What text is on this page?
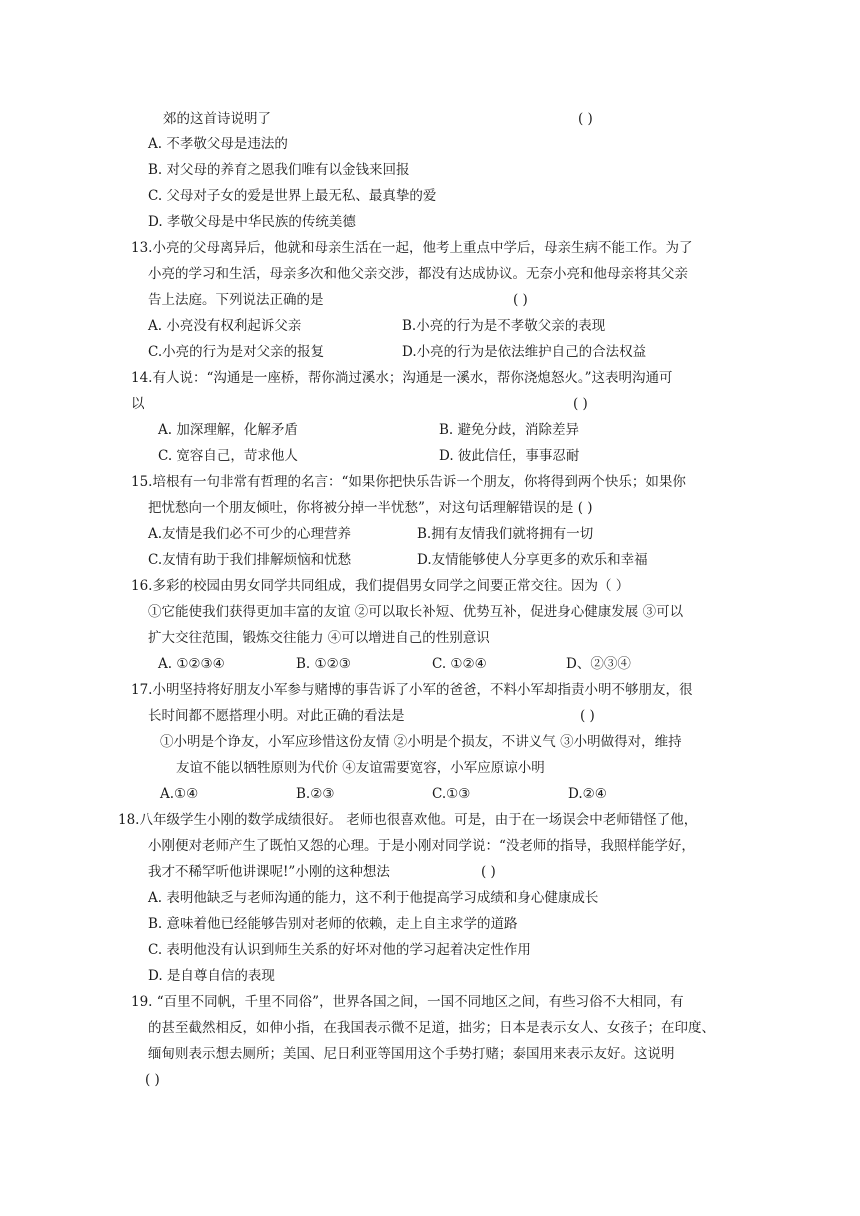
郊的这首诗说明了	( )
A. 不孝敬父母是违法的
B. 对父母的养育之恩我们唯有以金钱来回报
C. 父母对子女的爱是世界上最无私、最真挚的爱
D. 孝敬父母是中华民族的传统美德
13.小亮的父母离异后，他就和母亲生活在一起，他考上重点中学后，母亲生病不能工作。为了
小亮的学习和生活，母亲多次和他父亲交涉，都没有达成协议。无奈小亮和他母亲将其父亲
告上法庭。下列说法正确的是	( )
A. 小亮没有权利起诉父亲	B.小亮的行为是不孝敬父亲的表现
C.小亮的行为是对父亲的报复	D.小亮的行为是依法维护自己的合法权益
14.有人说：“沟通是一座桥，帮你淌过溪水；沟通是一溪水，帮你浇熄怒火。”这表明沟通可
以	( )
A. 加深理解，化解矛盾	B. 避免分歧，消除差异
C. 宽容自己，苛求他人	D. 彼此信任，事事忍耐
15.培根有一句非常有哲理的名言：“如果你把快乐告诉一个朋友，你将得到两个快乐；如果你
把忧愁向一个朋友倾吐，你将被分掉一半忧愁”，对这句话理解错误的是 ( )
A.友情是我们必不可少的心理营养	B.拥有友情我们就将拥有一切
C.友情有助于我们排解烦恼和忧愁	D.友情能够使人分享更多的欢乐和幸福
16.多彩的校园由男女同学共同组成，我们提倡男女同学之间要正常交往。因为（ ）
①它能使我们获得更加丰富的友谊 ②可以取长补短、优势互补，促进身心健康发展 ③可以
扩大交往范围，锻炼交往能力 ④可以增进自己的性别意识
A. ①②③④	B. ①②③	C. ①②④	D、②③④
17.小明坚持将好朋友小军参与赌博的事告诉了小军的爸爸，不料小军却指责小明不够朋友，很
长时间都不愿搭理小明。对此正确的看法是	( )
①小明是个诤友，小军应珍惜这份友情 ②小明是个损友，不讲义气 ③小明做得对，维持
友谊不能以牺牲原则为代价 ④友谊需要宽容，小军应原谅小明
A.①④	B.②③	C.①③	D.②④
18.八年级学生小刚的数学成绩很好。 老师也很喜欢他。可是，由于在一场误会中老师错怪了他，
小刚便对老师产生了既怕又怨的心理。于是小刚对同学说：“没老师的指导，我照样能学好，
我才不稀罕听他讲课呢!”小刚的这种想法	( )
A. 表明他缺乏与老师沟通的能力，这不利于他提高学习成绩和身心健康成长
B. 意味着他已经能够告别对老师的依赖，走上自主求学的道路
C. 表明他没有认识到师生关系的好坏对他的学习起着决定性作用
D. 是自尊自信的表现
19. “百里不同帆，千里不同俗”，世界各国之间，一国不同地区之间，有些习俗不大相同，有
的甚至截然相反，如伸小指，在我国表示微不足道，拙劣；日本是表示女人、女孩子；在印度、
缅甸则表示想去厕所；美国、尼日利亚等国用这个手势打赌；泰国用来表示友好。这说明
( )
